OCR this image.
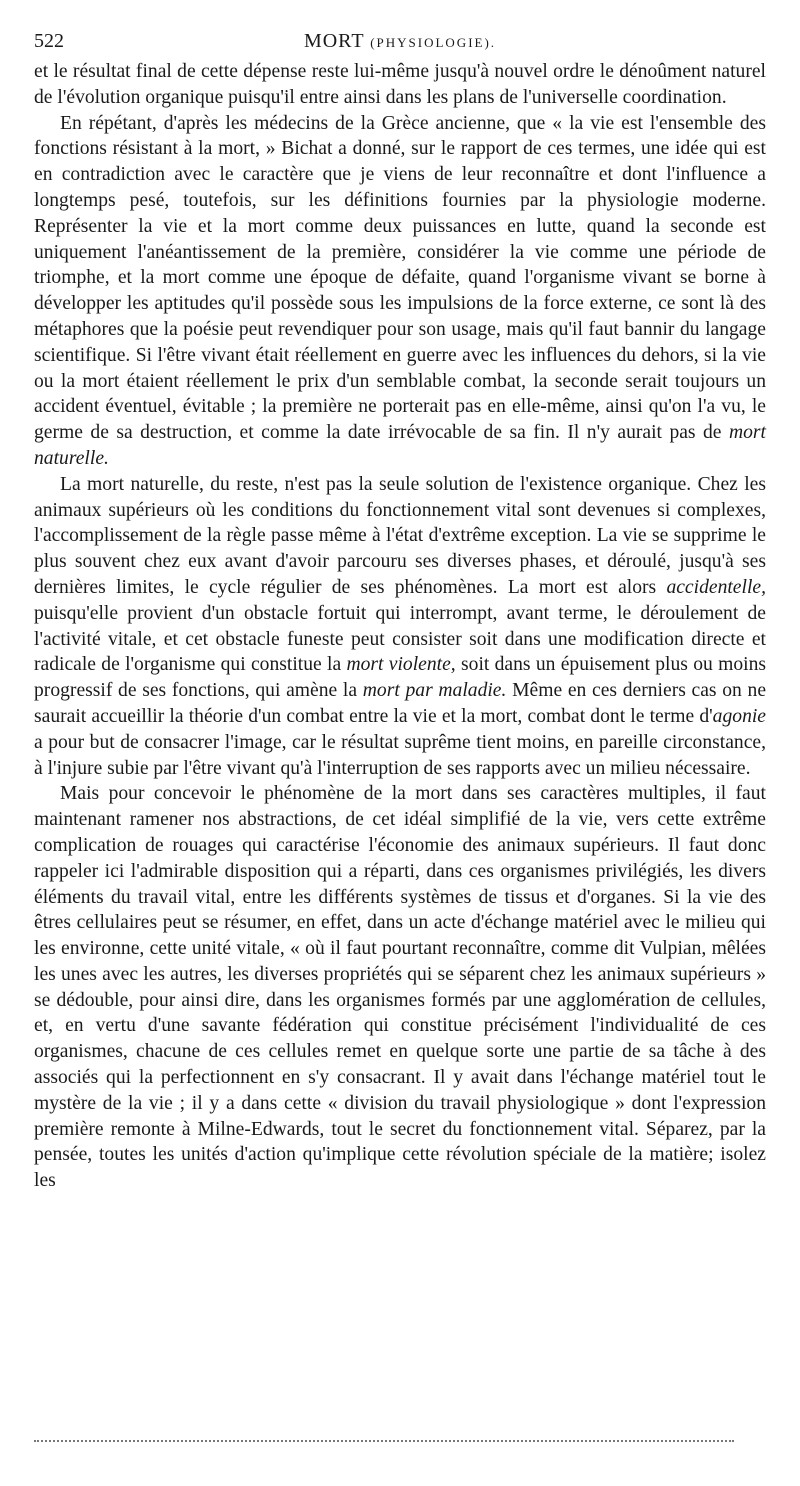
522	MORT (PHYSIOLOGIE).

et le résultat final de cette dépense reste lui-même jusqu'à nouvel ordre le dénoûment naturel de l'évolution organique puisqu'il entre ainsi dans les plans de l'universelle coordination.

En répétant, d'après les médecins de la Grèce ancienne, que « la vie est l'ensemble des fonctions résistant à la mort, » Bichat a donné, sur le rapport de ces termes, une idée qui est en contradiction avec le caractère que je viens de leur reconnaître et dont l'influence a longtemps pesé, toutefois, sur les définitions fournies par la physiologie moderne. Représenter la vie et la mort comme deux puissances en lutte, quand la seconde est uniquement l'anéantissement de la première, considérer la vie comme une période de triomphe, et la mort comme une époque de défaite, quand l'organisme vivant se borne à développer les aptitudes qu'il possède sous les impulsions de la force externe, ce sont là des métaphores que la poésie peut revendiquer pour son usage, mais qu'il faut bannir du langage scientifique. Si l'être vivant était réellement en guerre avec les influences du dehors, si la vie ou la mort étaient réellement le prix d'un semblable combat, la seconde serait toujours un accident éventuel, évitable ; la première ne porterait pas en elle-même, ainsi qu'on l'a vu, le germe de sa destruction, et comme la date irrévocable de sa fin. Il n'y aurait pas de mort naturelle.

La mort naturelle, du reste, n'est pas la seule solution de l'existence organique. Chez les animaux supérieurs où les conditions du fonctionnement vital sont devenues si complexes, l'accomplissement de la règle passe même à l'état d'extrême exception. La vie se supprime le plus souvent chez eux avant d'avoir parcouru ses diverses phases, et déroulé, jusqu'à ses dernières limites, le cycle régulier de ses phénomènes. La mort est alors accidentelle, puisqu'elle provient d'un obstacle fortuit qui interrompt, avant terme, le déroulement de l'activité vitale, et cet obstacle funeste peut consister soit dans une modification directe et radicale de l'organisme qui constitue la mort violente, soit dans un épuisement plus ou moins progressif de ses fonctions, qui amène la mort par maladie. Même en ces derniers cas on ne saurait accueillir la théorie d'un combat entre la vie et la mort, combat dont le terme d'agonie a pour but de consacrer l'image, car le résultat suprême tient moins, en pareille circonstance, à l'injure subie par l'être vivant qu'à l'interruption de ses rapports avec un milieu nécessaire.

Mais pour concevoir le phénomène de la mort dans ses caractères multiples, il faut maintenant ramener nos abstractions, de cet idéal simplifié de la vie, vers cette extrême complication de rouages qui caractérise l'économie des animaux supérieurs. Il faut donc rappeler ici l'admirable disposition qui a réparti, dans ces organismes privilégiés, les divers éléments du travail vital, entre les différents systèmes de tissus et d'organes. Si la vie des êtres cellulaires peut se résumer, en effet, dans un acte d'échange matériel avec le milieu qui les environne, cette unité vitale, « où il faut pourtant reconnaître, comme dit Vulpian, mêlées les unes avec les autres, les diverses propriétés qui se séparent chez les animaux supérieurs » se dédouble, pour ainsi dire, dans les organismes formés par une agglomération de cellules, et, en vertu d'une savante fédération qui constitue précisément l'individualité de ces organismes, chacune de ces cellules remet en quelque sorte une partie de sa tâche à des associés qui la perfectionnent en s'y consacrant. Il y avait dans l'échange matériel tout le mystère de la vie ; il y a dans cette « division du travail physiologique » dont l'expression première remonte à Milne-Edwards, tout le secret du fonctionnement vital. Séparez, par la pensée, toutes les unités d'action qu'implique cette révolution spéciale de la matière; isolez les
